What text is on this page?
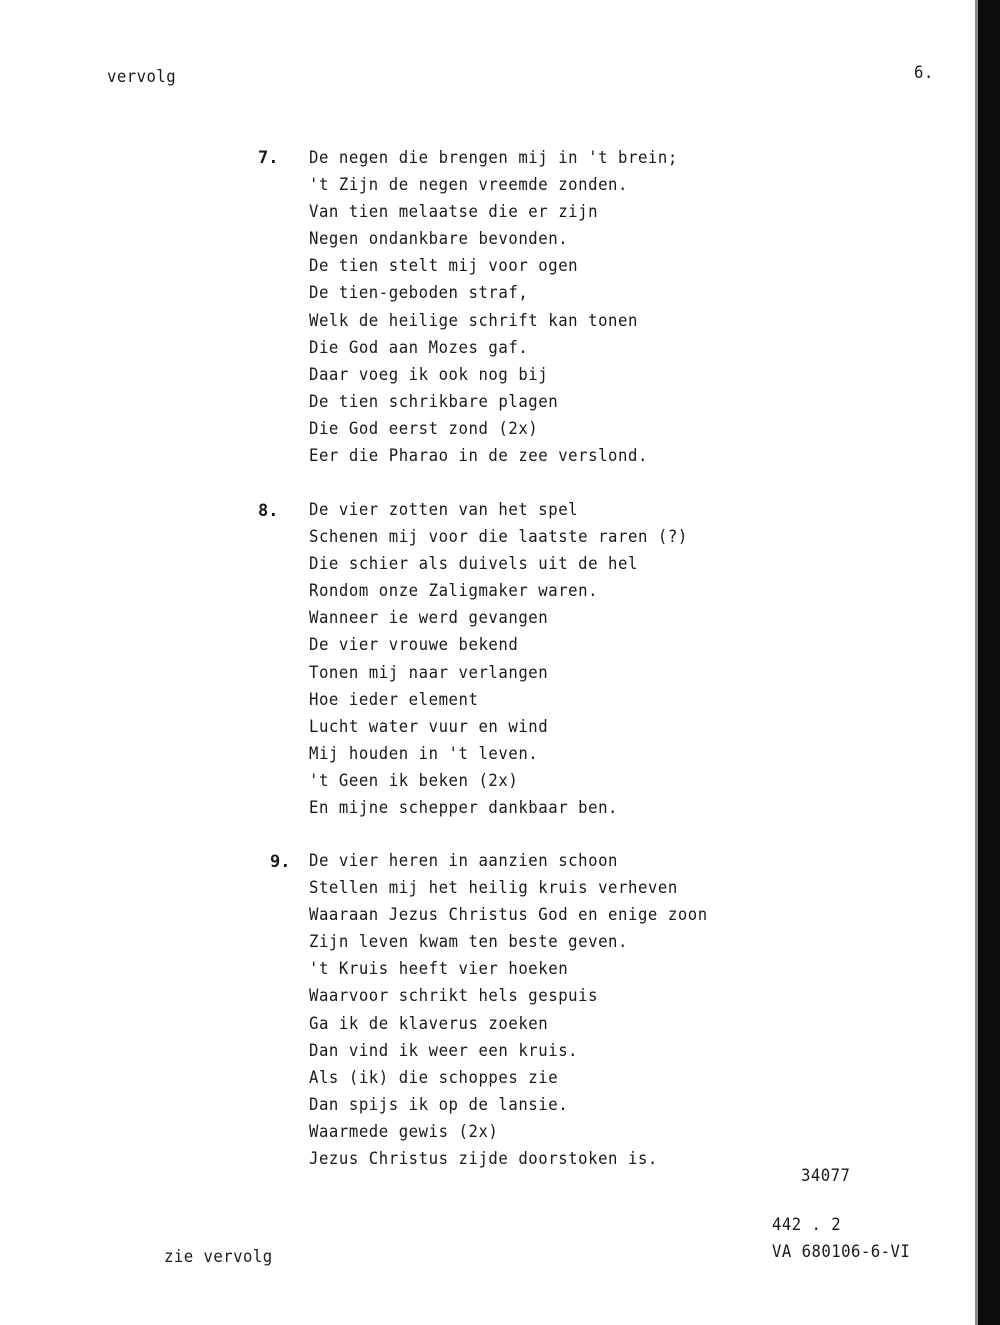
vervolg	6.
7. De negen die brengen mij in 't brein;
't Zijn de negen vreemde zonden.
Van tien melaatse die er zijn
Negen ondankbare bevonden.
De tien stelt mij voor ogen
De tien-geboden straf,
Welk de heilige schrift kan tonen
Die God aan Mozes gaf.
Daar voeg ik ook nog bij
De tien schrikbare plagen
Die God eerst zond (2x)
Eer die Pharao in de zee verslond.
8. De vier zotten van het spel
Schenen mij voor die laatste raren (?)
Die schier als duivels uit de hel
Rondom onze Zaligmaker waren.
Wanneer ie werd gevangen
De vier vrouwe bekend
Tonen mij naar verlangen
Hoe ieder element
Lucht water vuur en wind
Mij houden in 't leven.
't Geen ik beken (2x)
En mijne schepper dankbaar ben.
9. De vier heren in aanzien schoon
Stellen mij het heilig kruis verheven
Waaraan Jezus Christus God en enige zoon
Zijn leven kwam ten beste geven.
't Kruis heeft vier hoeken
Waarvoor schrikt hels gespuis
Ga ik de klaverus zoeken
Dan vind ik weer een kruis.
Als (ik) die schoppes zie
Dan spijs ik op de lansie.
Waarmede gewis (2x)
Jezus Christus zijde doorstoken is.
34077
442 . 2
VA 680106-6-VI
zie vervolg
